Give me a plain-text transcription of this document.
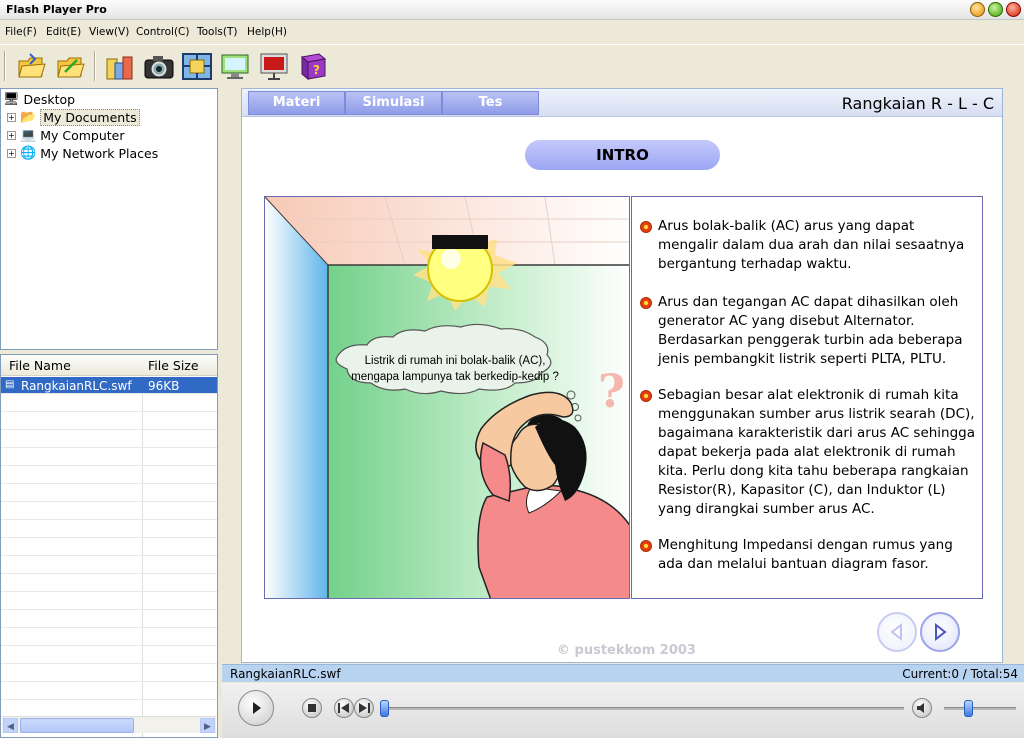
Flash Player Pro
File(F) Edit(E) View(V) Control(C) Tools(T) Help(H)
?
🖥 Desktop
+ 📂 My Documents
+ 💻 My Computer
+ 🌐 My Network Places
File Name	File Size
▤ RangkaianRLC.swf 96KB
◀	▶
Materi	Simulasi	Tes	Rangkaian R - L - C
INTRO
Listrik di rumah ini bolak-balik (AC),
mengapa lampunya tak berkedip-kedip ? ?
Arus bolak-balik (AC) arus yang dapat mengalir dalam dua arah dan nilai sesaatnya bergantung terhadap waktu.
Arus dan tegangan AC dapat dihasilkan oleh generator AC yang disebut Alternator. Berdasarkan penggerak turbin ada beberapa jenis pembangkit listrik seperti PLTA, PLTU.
Sebagian besar alat elektronik di rumah kita menggunakan sumber arus listrik searah (DC), bagaimana karakteristik dari arus AC sehingga dapat bekerja pada alat elektronik di rumah kita. Perlu dong kita tahu beberapa rangkaian Resistor(R), Kapasitor (C), dan Induktor (L) yang dirangkai sumber arus AC.
Menghitung Impedansi dengan rumus yang ada dan melalui bantuan diagram fasor.
© pustekkom 2003
RangkaianRLC.swf	Current:0 / Total:54
